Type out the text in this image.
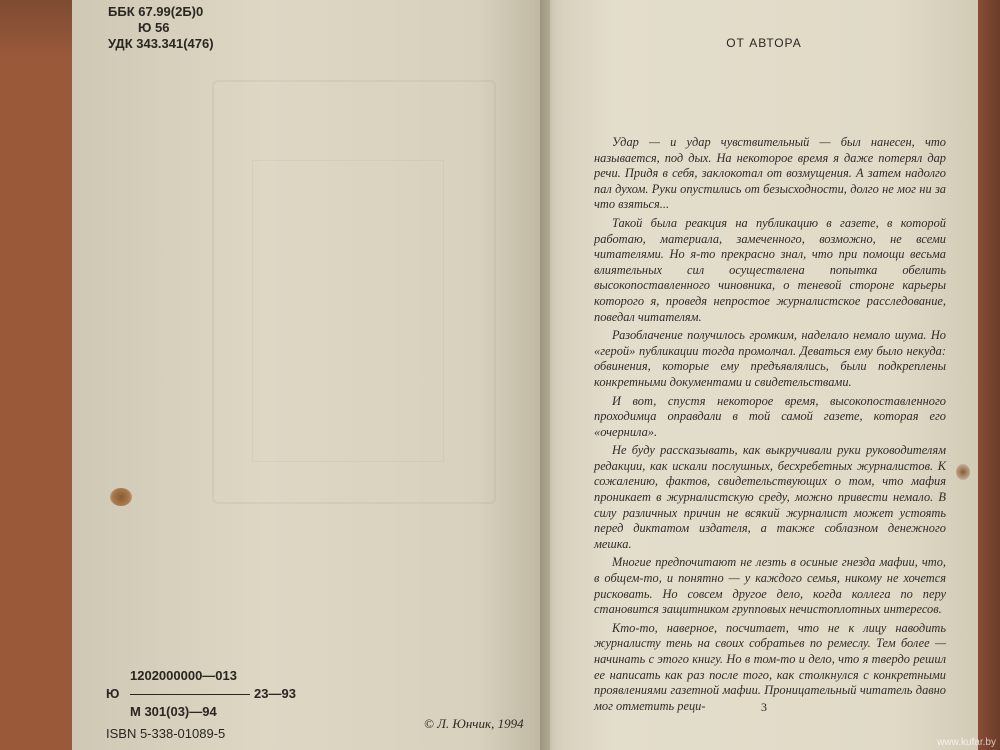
ББК 67.99(2Б)0
Ю 56
УДК 343.341(476)
1202000000—013
Ю	23—93
М 301(03)—94
ISBN 5-338-01089-5
© Л. Юнчик, 1994
ОТ АВТОРА

Удар — и удар чувствительный — был нанесен, что называется, под дых. На некоторое время я даже потерял дар речи. Придя в себя, заклокотал от возмущения. А затем надолго пал духом. Руки опустились от безысходности, долго не мог ни за что взяться...

Такой была реакция на публикацию в газете, в которой работаю, материала, замеченного, возможно, не всеми читателями. Но я-то прекрасно знал, что при помощи весьма влиятельных сил осуществлена попытка обелить высокопоставленного чиновника, о теневой стороне карьеры которого я, проведя непростое журналистское расследование, поведал читателям.

Разоблачение получилось громким, наделало немало шума. Но «герой» публикации тогда промолчал. Деваться ему было некуда: обвинения, которые ему предъявлялись, были подкреплены конкретными документами и свидетельствами.

И вот, спустя некоторое время, высокопоставленного проходимца оправдали в той самой газете, которая его «очернила».

Не буду рассказывать, как выкручивали руки руководителям редакции, как искали послушных, бесхребетных журналистов. К сожалению, фактов, свидетельствующих о том, что мафия проникает в журналистскую среду, можно привести немало. В силу различных причин не всякий журналист может устоять перед диктатом издателя, а также соблазном денежного мешка.

Многие предпочитают не лезть в осиные гнезда мафии, что, в общем-то, и понятно — у каждого семья, никому не хочется рисковать. Но совсем другое дело, когда коллега по перу становится защитником групповых нечистоплотных интересов.

Кто-то, наверное, посчитает, что не к лицу наводить журналисту тень на своих собратьев по ремеслу. Тем более — начинать с этого книгу. Но в том-то и дело, что я твердо решил ее написать как раз после того, как столкнулся с конкретными проявлениями газетной мафии. Проницательный читатель давно мог отметить реци-	3
www.kufar.by
